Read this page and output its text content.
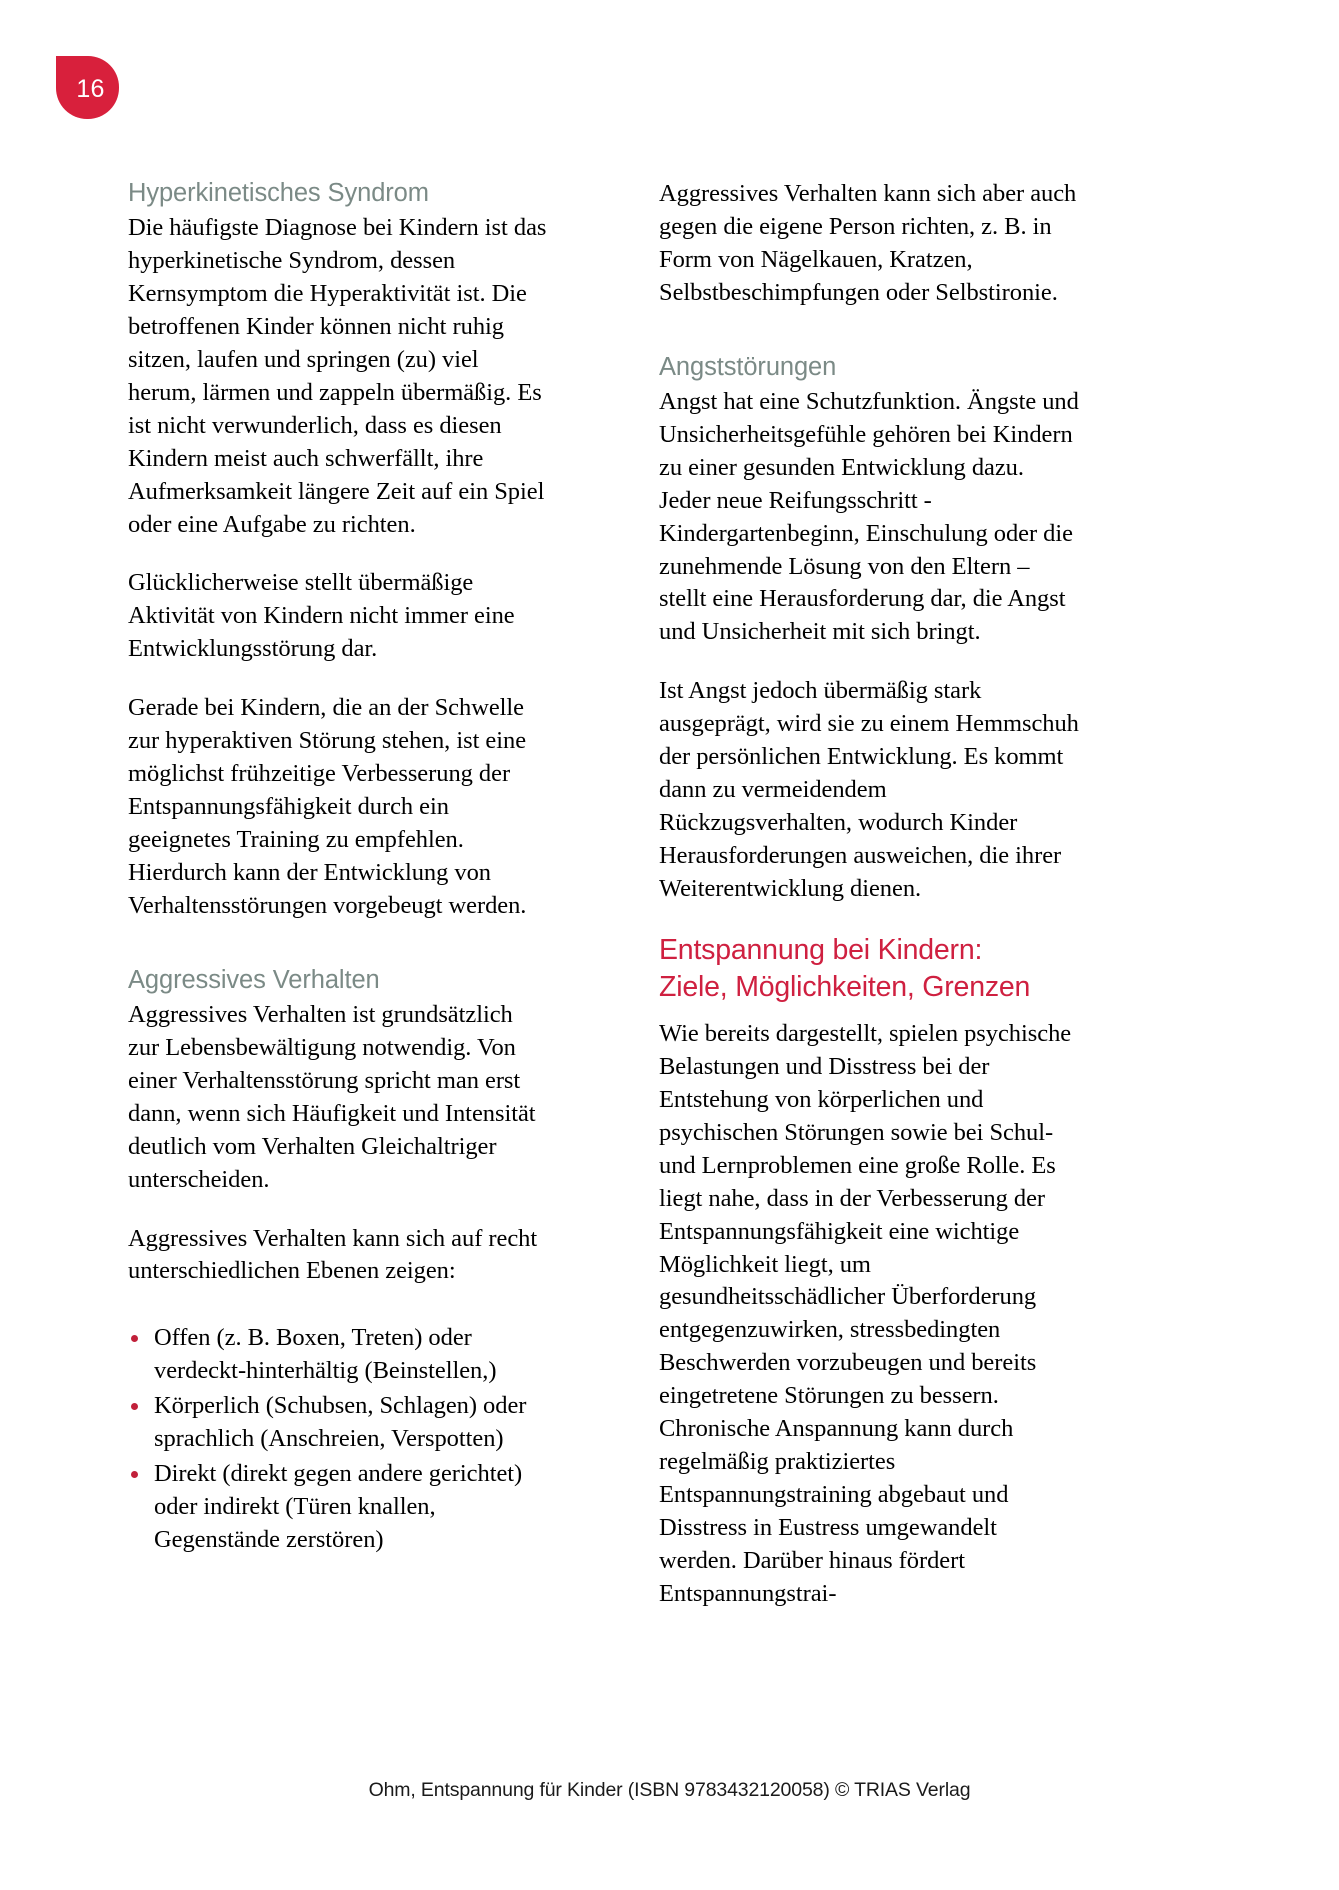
16
Hyperkinetisches Syndrom

Die häufigste Diagnose bei Kindern ist das hyperkinetische Syndrom, dessen Kernsymptom die Hyperaktivität ist. Die betroffenen Kinder können nicht ruhig sitzen, laufen und springen (zu) viel herum, lärmen und zappeln übermäßig. Es ist nicht verwunderlich, dass es diesen Kindern meist auch schwerfällt, ihre Aufmerksamkeit längere Zeit auf ein Spiel oder eine Aufgabe zu richten.

Glücklicherweise stellt übermäßige Aktivität von Kindern nicht immer eine Entwicklungsstörung dar.

Gerade bei Kindern, die an der Schwelle zur hyperaktiven Störung stehen, ist eine möglichst frühzeitige Verbesserung der Entspannungsfähigkeit durch ein geeignetes Training zu empfehlen. Hierdurch kann der Entwicklung von Verhaltensstörungen vorgebeugt werden.

Aggressives Verhalten

Aggressives Verhalten ist grundsätzlich zur Lebensbewältigung notwendig. Von einer Verhaltensstörung spricht man erst dann, wenn sich Häufigkeit und Intensität deutlich vom Verhalten Gleichaltriger unterscheiden.

Aggressives Verhalten kann sich auf recht unterschiedlichen Ebenen zeigen:

Offen (z. B. Boxen, Treten) oder verdeckt-hinterhältig (Beinstellen,)
Körperlich (Schubsen, Schlagen) oder sprachlich (Anschreien, Verspotten)
Direkt (direkt gegen andere gerichtet) oder indirekt (Türen knallen, Gegenstände zerstören)

Aggressives Verhalten kann sich aber auch gegen die eigene Person richten, z. B. in Form von Nägelkauen, Kratzen, Selbstbeschimpfungen oder Selbstironie.

Angststörungen

Angst hat eine Schutzfunktion. Ängste und Unsicherheitsgefühle gehören bei Kindern zu einer gesunden Entwicklung dazu. Jeder neue Reifungsschritt - Kindergartenbeginn, Einschulung oder die zunehmende Lösung von den Eltern – stellt eine Herausforderung dar, die Angst und Unsicherheit mit sich bringt.

Ist Angst jedoch übermäßig stark ausgeprägt, wird sie zu einem Hemmschuh der persönlichen Entwicklung. Es kommt dann zu vermeidendem Rückzugsverhalten, wodurch Kinder Herausforderungen ausweichen, die ihrer Weiterentwicklung dienen.

Entspannung bei Kindern:
Ziele, Möglichkeiten, Grenzen

Wie bereits dargestellt, spielen psychische Belastungen und Disstress bei der Entstehung von körperlichen und psychischen Störungen sowie bei Schul- und Lernproblemen eine große Rolle. Es liegt nahe, dass in der Verbesserung der Entspannungsfähigkeit eine wichtige Möglichkeit liegt, um gesundheitsschädlicher Überforderung entgegenzuwirken, stressbedingten Beschwerden vorzubeugen und bereits eingetretene Störungen zu bessern. Chronische Anspannung kann durch regelmäßig praktiziertes Entspannungstraining abgebaut und Disstress in Eustress umgewandelt werden. Darüber hinaus fördert Entspannungstrai-

Ohm, Entspannung für Kinder (ISBN 9783432120058) © TRIAS Verlag
